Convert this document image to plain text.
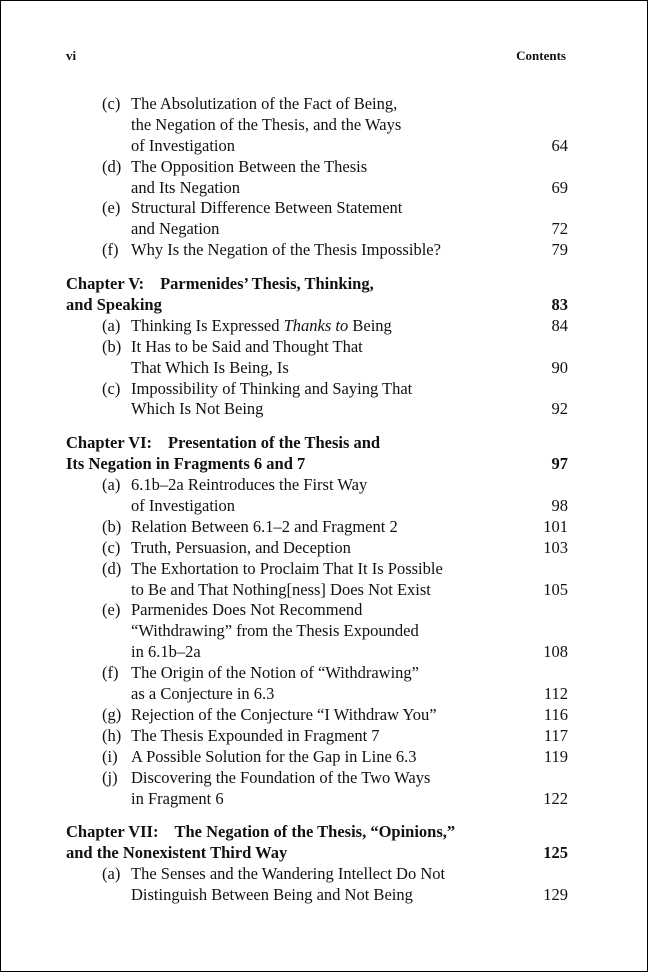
vi	Contents
(c) The Absolutization of the Fact of Being,
the Negation of the Thesis, and the Ways
of Investigation	64
(d) The Opposition Between the Thesis
and Its Negation	69
(e) Structural Difference Between Statement
and Negation	72
(f) Why Is the Negation of the Thesis Impossible?	79
Chapter V: Parmenides’ Thesis, Thinking,
and Speaking	83
(a) Thinking Is Expressed Thanks to Being	84
(b) It Has to be Said and Thought That
That Which Is Being, Is	90
(c) Impossibility of Thinking and Saying That
Which Is Not Being	92
Chapter VI: Presentation of the Thesis and
Its Negation in Fragments 6 and 7	97
(a) 6.1b–2a Reintroduces the First Way
of Investigation	98
(b) Relation Between 6.1–2 and Fragment 2	101
(c) Truth, Persuasion, and Deception	103
(d) The Exhortation to Proclaim That It Is Possible
to Be and That Nothing[ness] Does Not Exist	105
(e) Parmenides Does Not Recommend
“Withdrawing” from the Thesis Expounded
in 6.1b–2a	108
(f) The Origin of the Notion of “Withdrawing”
as a Conjecture in 6.3	112
(g) Rejection of the Conjecture “I Withdraw You”	116
(h) The Thesis Expounded in Fragment 7	117
(i) A Possible Solution for the Gap in Line 6.3	119
(j) Discovering the Foundation of the Two Ways
in Fragment 6	122
Chapter VII: The Negation of the Thesis, “Opinions,”
and the Nonexistent Third Way	125
(a) The Senses and the Wandering Intellect Do Not
Distinguish Between Being and Not Being	129
